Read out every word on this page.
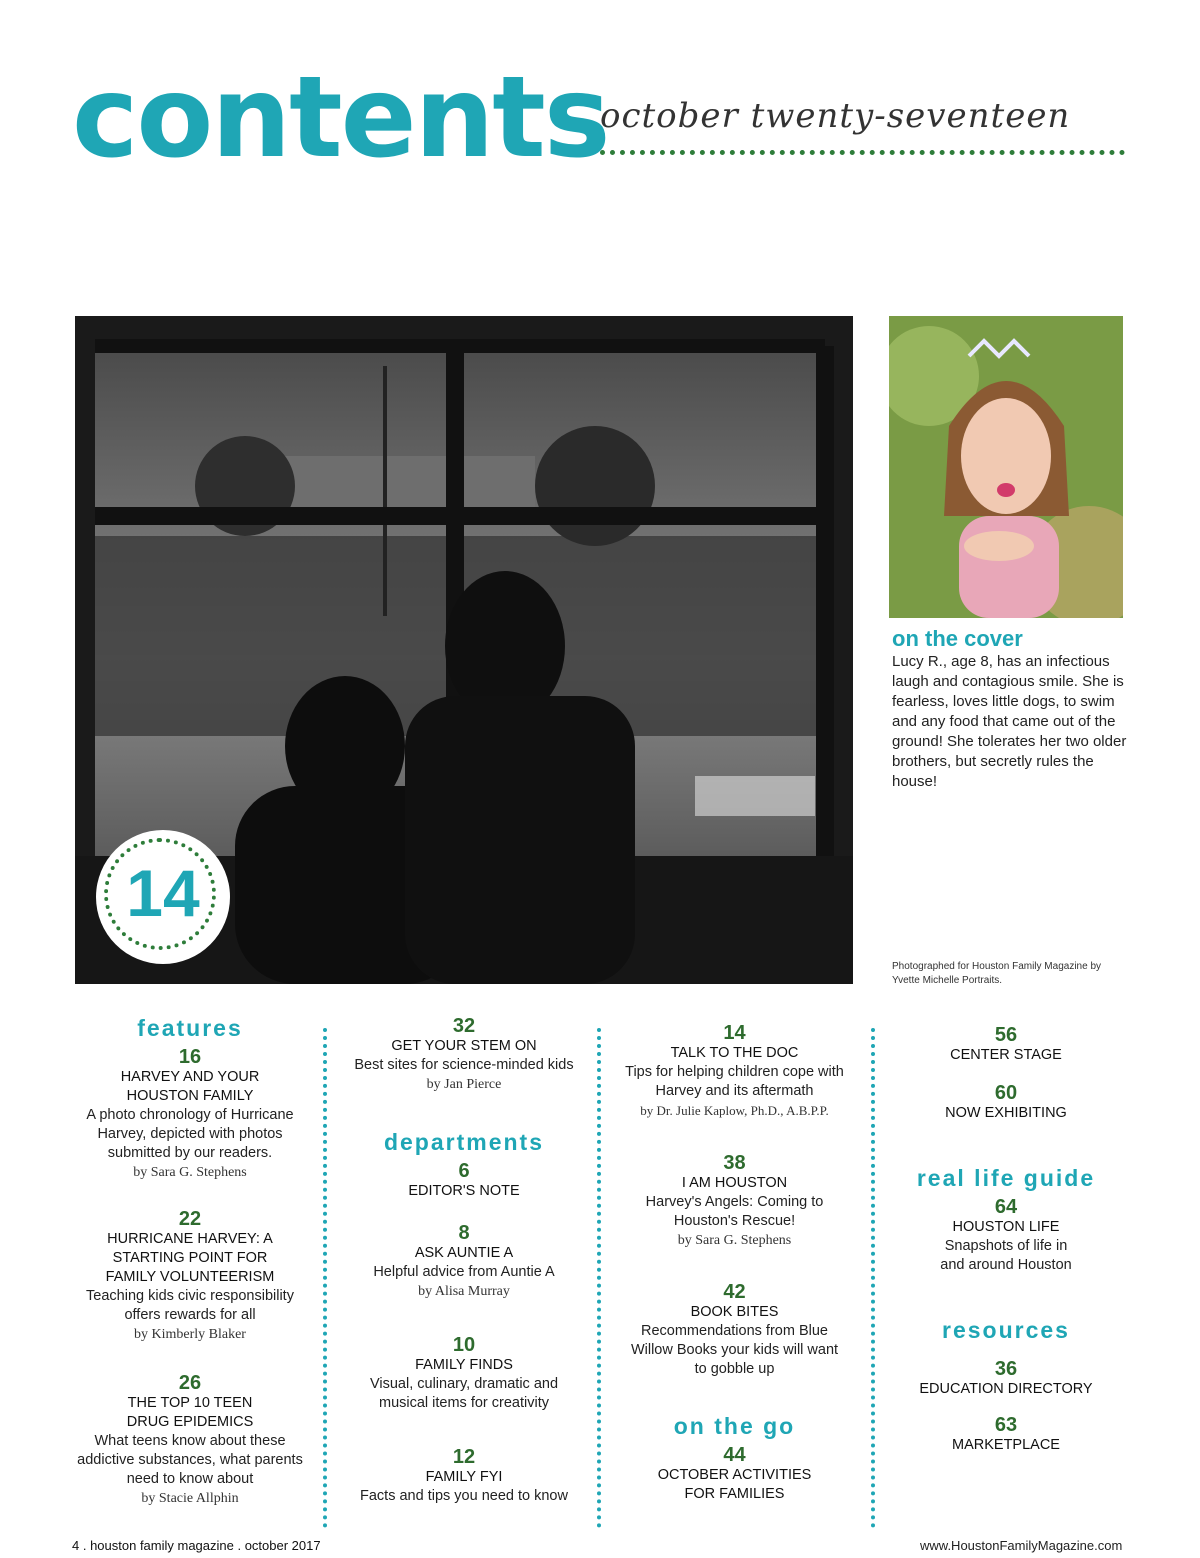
contents
october twenty-seventeen
14
on the cover
Lucy R., age 8, has an infectious laugh and contagious smile. She is fearless, loves little dogs, to swim and any food that came out of the ground! She tolerates her two older brothers, but secretly rules the house!
Photographed for Houston Family Magazine by Yvette Michelle Portraits.
features
16
HARVEY AND YOUR HOUSTON FAMILY
A photo chronology of Hurricane Harvey, depicted with photos submitted by our readers.
by Sara G. Stephens
22
HURRICANE HARVEY: A STARTING POINT FOR FAMILY VOLUNTEERISM
Teaching kids civic responsibility offers rewards for all
by Kimberly Blaker
26
THE TOP 10 TEEN DRUG EPIDEMICS
What teens know about these addictive substances, what parents need to know about
by Stacie Allphin
32
GET YOUR STEM ON
Best sites for science-minded kids
by Jan Pierce
departments
6
EDITOR'S NOTE
8
ASK AUNTIE A
Helpful advice from Auntie A
by Alisa Murray
10
FAMILY FINDS
Visual, culinary, dramatic and musical items for creativity
12
FAMILY FYI
Facts and tips you need to know
14
TALK TO THE DOC
Tips for helping children cope with Harvey and its aftermath
by Dr. Julie Kaplow, Ph.D., A.B.P.P.
38
I AM HOUSTON
Harvey's Angels: Coming to Houston's Rescue!
by Sara G. Stephens
42
BOOK BITES
Recommendations from Blue Willow Books your kids will want to gobble up
on the go
44
OCTOBER ACTIVITIES FOR FAMILIES
56
CENTER STAGE
60
NOW EXHIBITING
real life guide
64
HOUSTON LIFE
Snapshots of life in and around Houston
resources
36
EDUCATION DIRECTORY
63
MARKETPLACE
4 . houston family magazine . october 2017	www.HoustonFamilyMagazine.com
